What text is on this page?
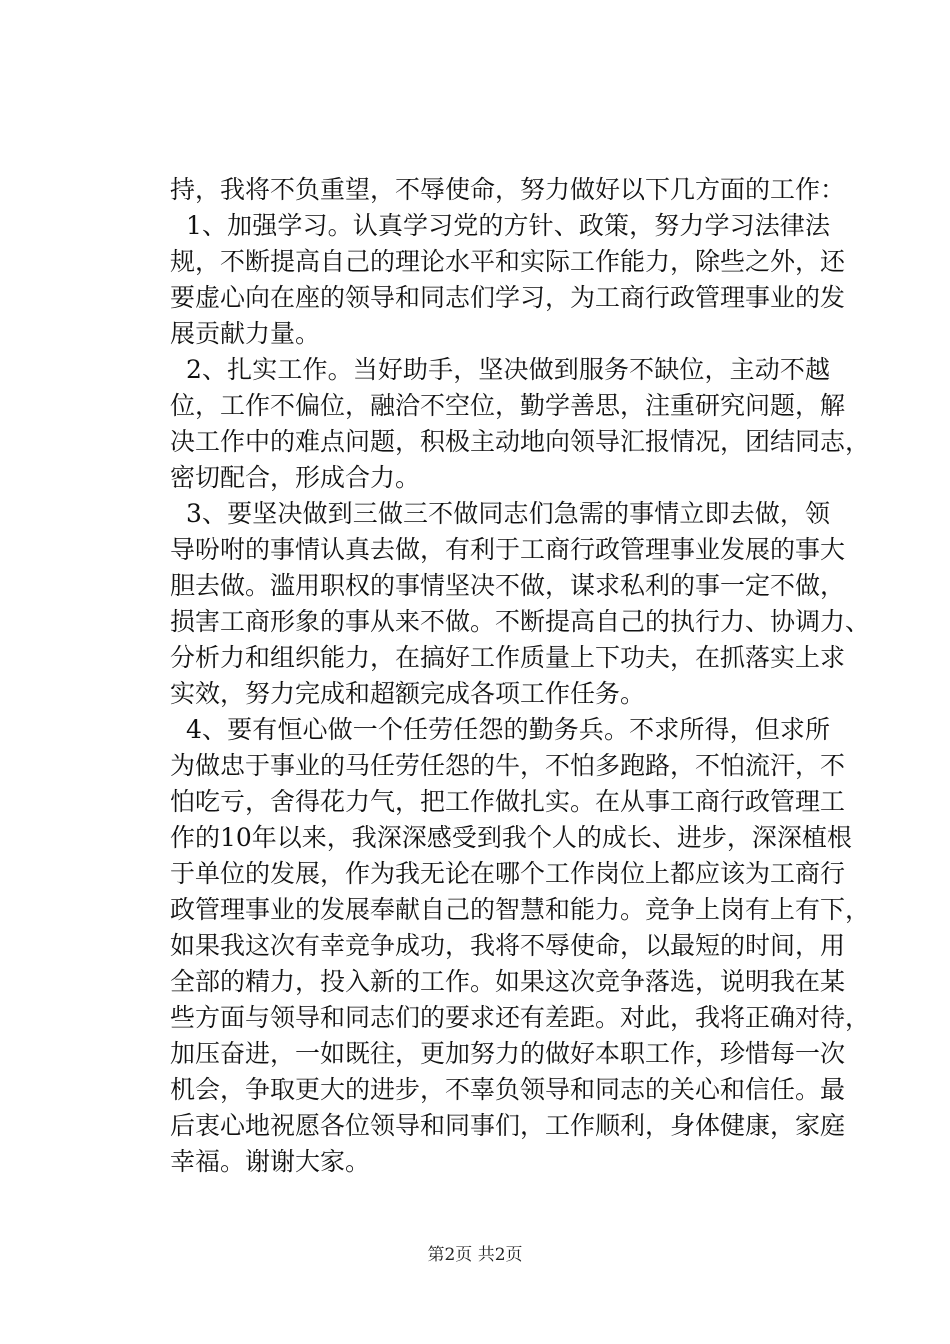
持，我将不负重望，不辱使命，努力做好以下几方面的工作：
1、加强学习。认真学习党的方针、政策，努力学习法律法
规，不断提高自己的理论水平和实际工作能力，除些之外，还
要虚心向在座的领导和同志们学习，为工商行政管理事业的发
展贡献力量。
2、扎实工作。当好助手，坚决做到服务不缺位，主动不越
位，工作不偏位，融洽不空位，勤学善思，注重研究问题，解
决工作中的难点问题，积极主动地向领导汇报情况，团结同志，
密切配合，形成合力。
3、要坚决做到三做三不做同志们急需的事情立即去做，领
导吩咐的事情认真去做，有利于工商行政管理事业发展的事大
胆去做。滥用职权的事情坚决不做，谋求私利的事一定不做，
损害工商形象的事从来不做。不断提高自己的执行力、协调力、
分析力和组织能力，在搞好工作质量上下功夫，在抓落实上求
实效，努力完成和超额完成各项工作任务。
4、要有恒心做一个任劳任怨的勤务兵。不求所得，但求所
为做忠于事业的马任劳任怨的牛，不怕多跑路，不怕流汗，不
怕吃亏，舍得花力气，把工作做扎实。在从事工商行政管理工
作的10年以来，我深深感受到我个人的成长、进步，深深植根
于单位的发展，作为我无论在哪个工作岗位上都应该为工商行
政管理事业的发展奉献自己的智慧和能力。竞争上岗有上有下，
如果我这次有幸竞争成功，我将不辱使命，以最短的时间，用
全部的精力，投入新的工作。如果这次竞争落选，说明我在某
些方面与领导和同志们的要求还有差距。对此，我将正确对待，
加压奋进，一如既往，更加努力的做好本职工作，珍惜每一次
机会，争取更大的进步，不辜负领导和同志的关心和信任。最
后衷心地祝愿各位领导和同事们，工作顺利，身体健康，家庭
幸福。谢谢大家。
第2页 共2页
